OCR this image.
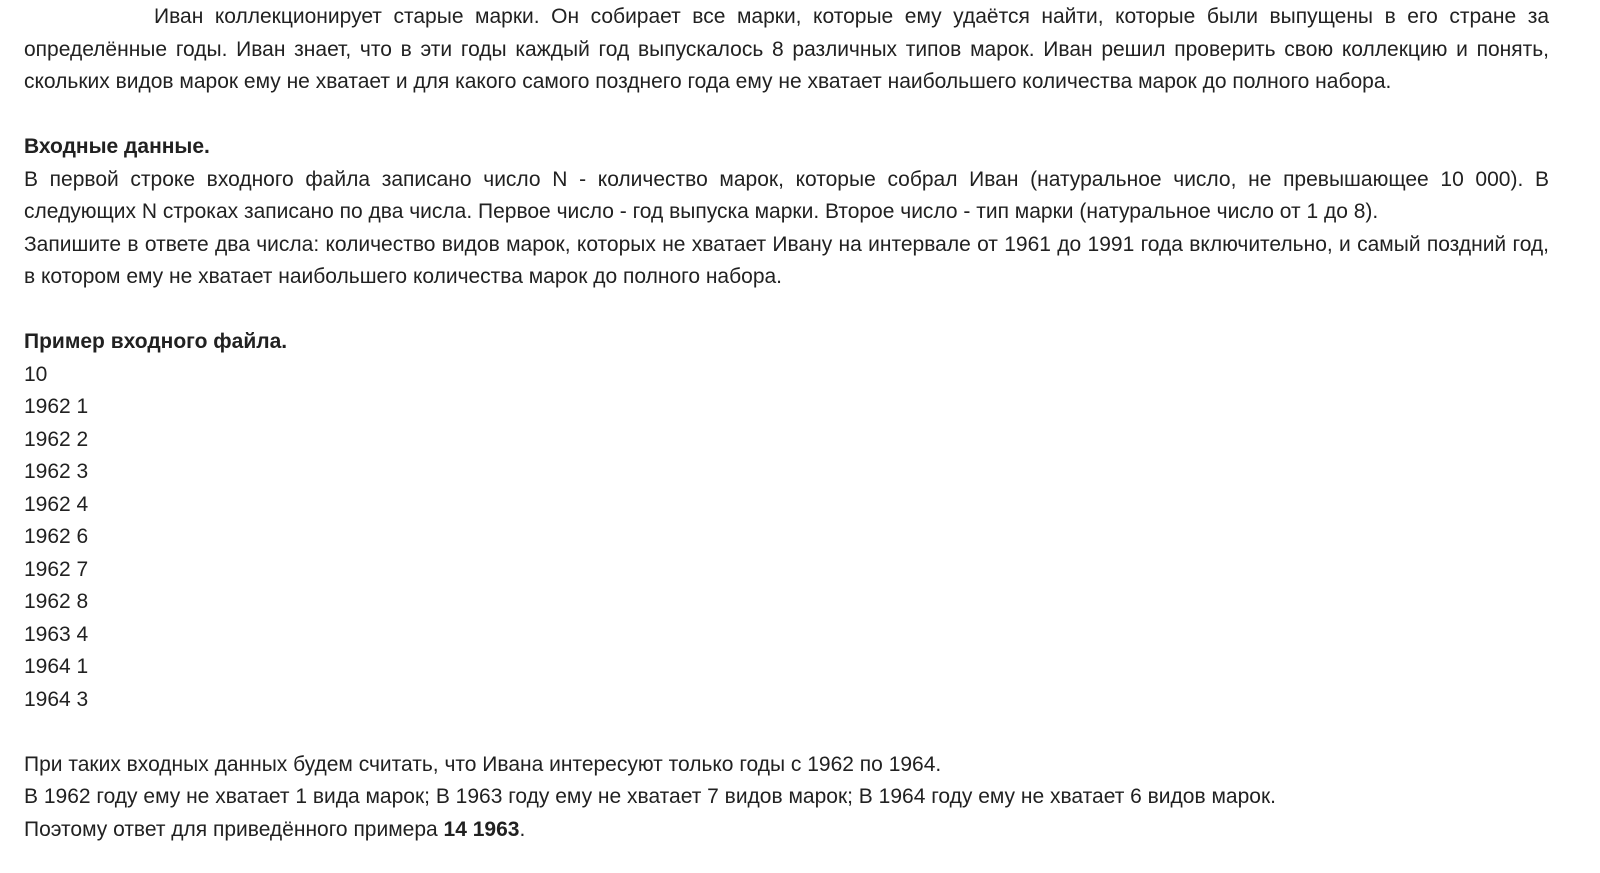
Иван коллекционирует старые марки. Он собирает все марки, которые ему удаётся найти, которые были выпущены в его стране за определённые годы. Иван знает, что в эти годы каждый год выпускалось 8 различных типов марок. Иван решил проверить свою коллекцию и понять, скольких видов марок ему не хватает и для какого самого позднего года ему не хватает наибольшего количества марок до полного набора.

Входные данные.

В первой строке входного файла записано число N - количество марок, которые собрал Иван (натуральное число, не превышающее 10 000). В следующих N строках записано по два числа. Первое число - год выпуска марки. Второе число - тип марки (натуральное число от 1 до 8).

Запишите в ответе два числа: количество видов марок, которых не хватает Ивану на интервале от 1961 до 1991 года включительно, и самый поздний год, в котором ему не хватает наибольшего количества марок до полного набора.

Пример входного файла.

10
1962 1
1962 2
1962 3
1962 4
1962 6
1962 7
1962 8
1963 4
1964 1
1964 3

При таких входных данных будем считать, что Ивана интересуют только годы с 1962 по 1964.

В 1962 году ему не хватает 1 вида марок; В 1963 году ему не хватает 7 видов марок; В 1964 году ему не хватает 6 видов марок.

Поэтому ответ для приведённого примера 14 1963.
